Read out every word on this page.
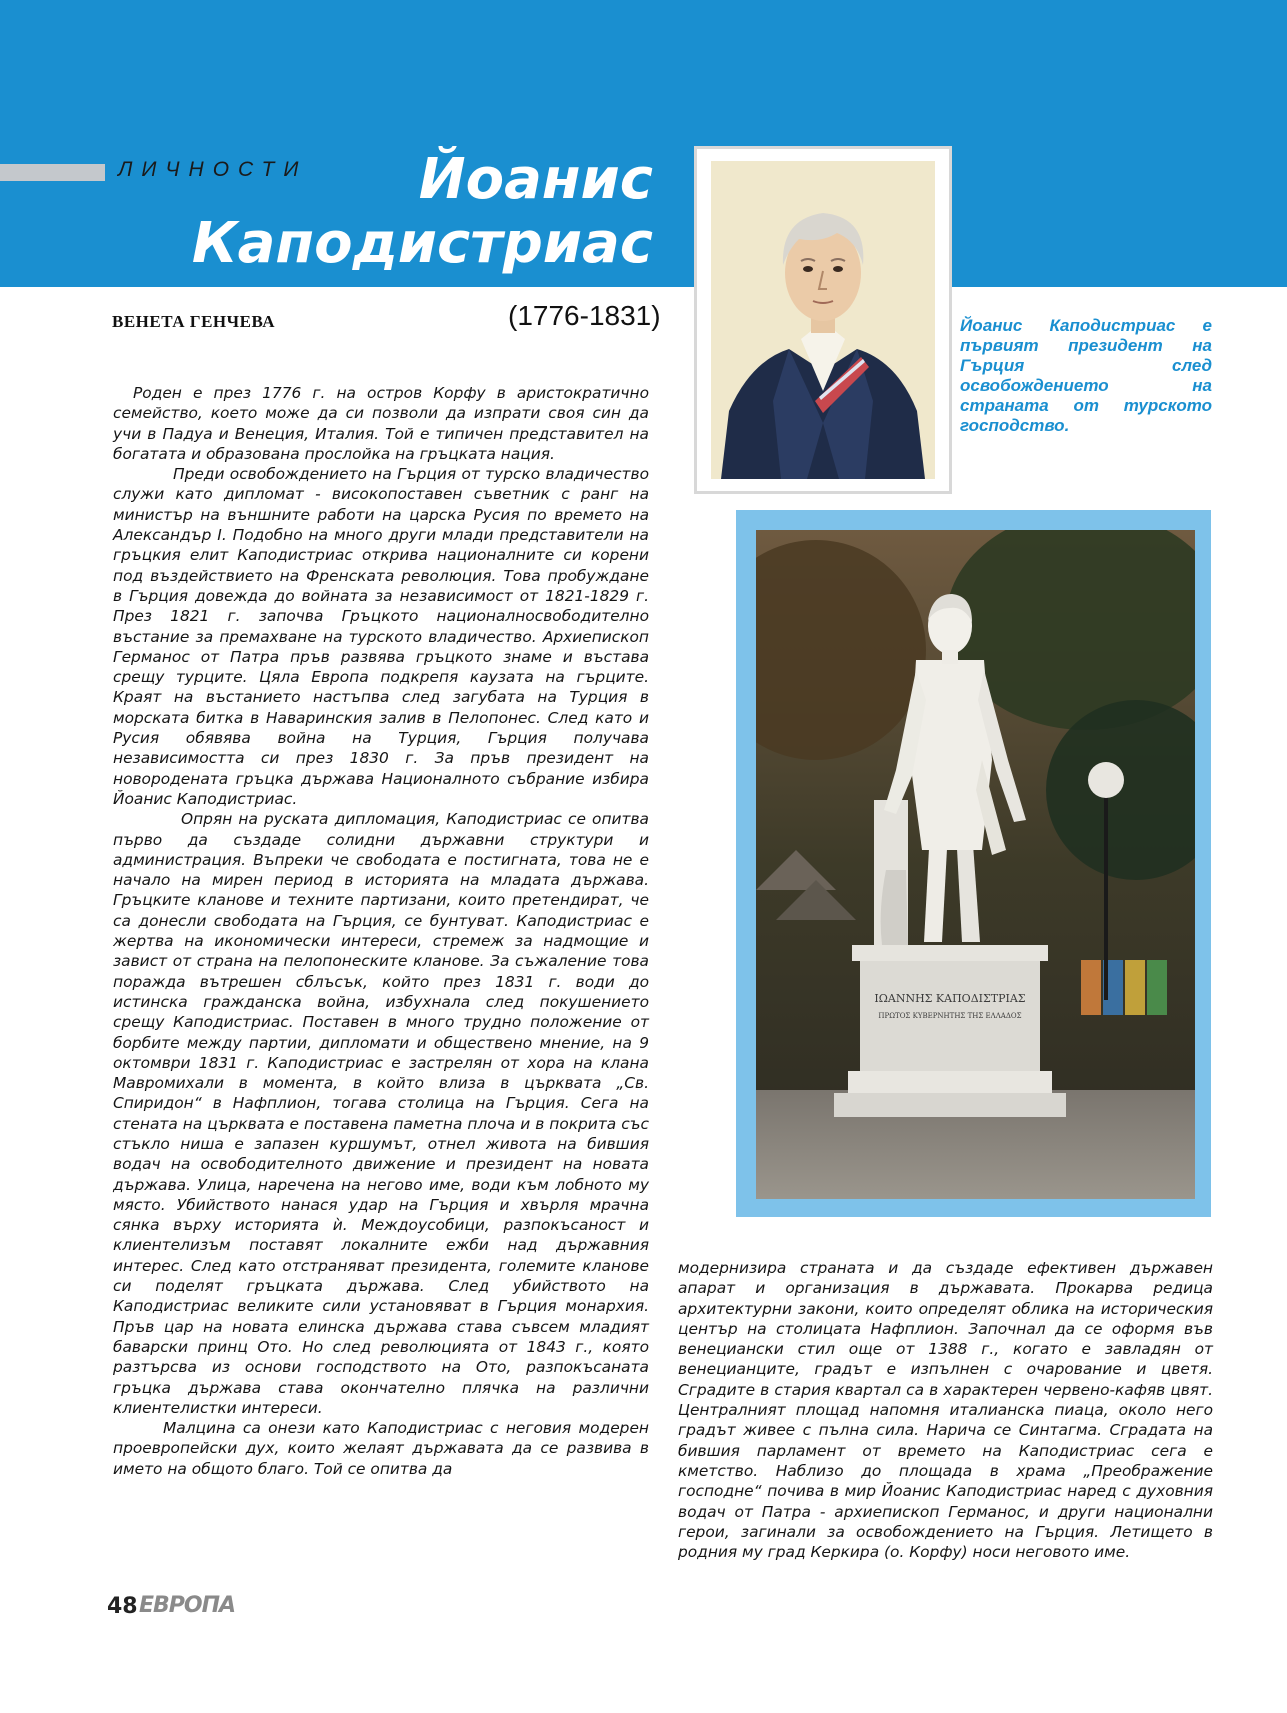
ЛИЧНОСТИ	Йоанис
Каподистриас
ВЕНЕТА ГЕНЧЕВА	(1776-1831)	Йоанис Каподистриас е първият президент на Гърция след освобождението на страната от турското господство.
ΙΩΑΝΝΗΣ ΚΑΠΟΔΙΣΤΡΙΑΣ
ΠΡΩΤΟΣ ΚΥΒΕΡΝΗΤΗΣ ΤΗΣ ΕΛΛΑΔΟΣ

Роден е през 1776 г. на остров Корфу в аристократично семейство, което може да си позволи да изпрати своя син да учи в Падуа и Венеция, Италия. Той е типичен представител на богатата и образована прослойка на гръцката нация.

Преди освобождението на Гърция от турско владичество служи като дипломат - високопоставен съветник с ранг на министър на външните работи на царска Русия по времето на Александър I. Подобно на много други млади представители на гръцкия елит Каподистриас открива националните си корени под въздействието на Френската революция. Това пробуждане в Гърция довежда до войната за независимост от 1821-1829 г. През 1821 г. започва Гръцкото националносвободително въстание за премахване на турското владичество. Архиепископ Германос от Патра пръв развява гръцкото знаме и въстава срещу турците. Цяла Европа подкрепя каузата на гърците. Краят на въстанието настъпва след загубата на Турция в морската битка в Наваринския залив в Пелопонес. След като и Русия обявява война на Турция, Гърция получава независимостта си през 1830 г. За пръв президент на новородената гръцка държава Националното събрание избира Йоанис Каподистриас.

Опрян на руската дипломация, Каподистриас се опитва първо да създаде солидни държавни структури и администрация. Въпреки че свободата е постигната, това не е начало на мирен период в историята на младата държава. Гръцките кланове и техните партизани, които претендират, че са донесли свободата на Гърция, се бунтуват. Каподистриас е жертва на икономически интереси, стремеж за надмощие и завист от страна на пелопонеските кланове. За съжаление това поражда вътрешен сблъсък, който през 1831 г. води до истинска гражданска война, избухнала след покушението срещу Каподистриас. Поставен в много трудно положение от борбите между партии, дипломати и обществено мнение, на 9 октомври 1831 г. Каподистриас е застрелян от хора на клана Мавромихали в момента, в който влиза в църквата „Св. Спиридон“ в Нафплион, тогава столица на Гърция. Сега на стената на църквата е поставена паметна плоча и в покрита със стъкло ниша е запазен куршумът, отнел живота на бившия водач на освободителното движение и президент на новата държава. Улица, наречена на негово име, води към лобното му място. Убийството нанася удар на Гърция и хвърля мрачна сянка върху историята ѝ. Междоусобици, разпокъсаност и клиентелизъм поставят локалните ежби над държавния интерес. След като отстраняват президента, големите кланове си поделят гръцката държава. След убийството на Каподистриас великите сили установяват в Гърция монархия. Пръв цар на новата елинска държава става съвсем младият баварски принц Ото. Но след революцията от 1843 г., която разтърсва из основи господството на Ото, разпокъсаната гръцка държава става окончателно плячка на различни клиентелистки интереси.

Малцина са онези като Каподистриас с неговия модерен проевропейски дух, които желаят държавата да се развива в името на общото благо. Той се опитва да

модернизира страната и да създаде ефективен държавен апарат и организация в държавата. Прокарва редица архитектурни закони, които определят облика на историческия център на столицата Нафплион. Започнал да се оформя във венециански стил още от 1388 г., когато е завладян от венецианците, градът е изпълнен с очарование и цветя. Сградите в стария квартал са в характерен червено-кафяв цвят. Централният площад напомня италианска пиаца, около него градът живее с пълна сила. Нарича се Синтагма. Сградата на бившия парламент от времето на Каподистриас сега е кметство. Наблизо до площада в храма „Преображение господне“ почива в мир Йоанис Каподистриас наред с духовния водач от Патра - архиепископ Германос, и други национални герои, загинали за освобождението на Гърция. Летището в родния му град Керкира (о. Корфу) носи неговото име.

48 ЕВРОПА
